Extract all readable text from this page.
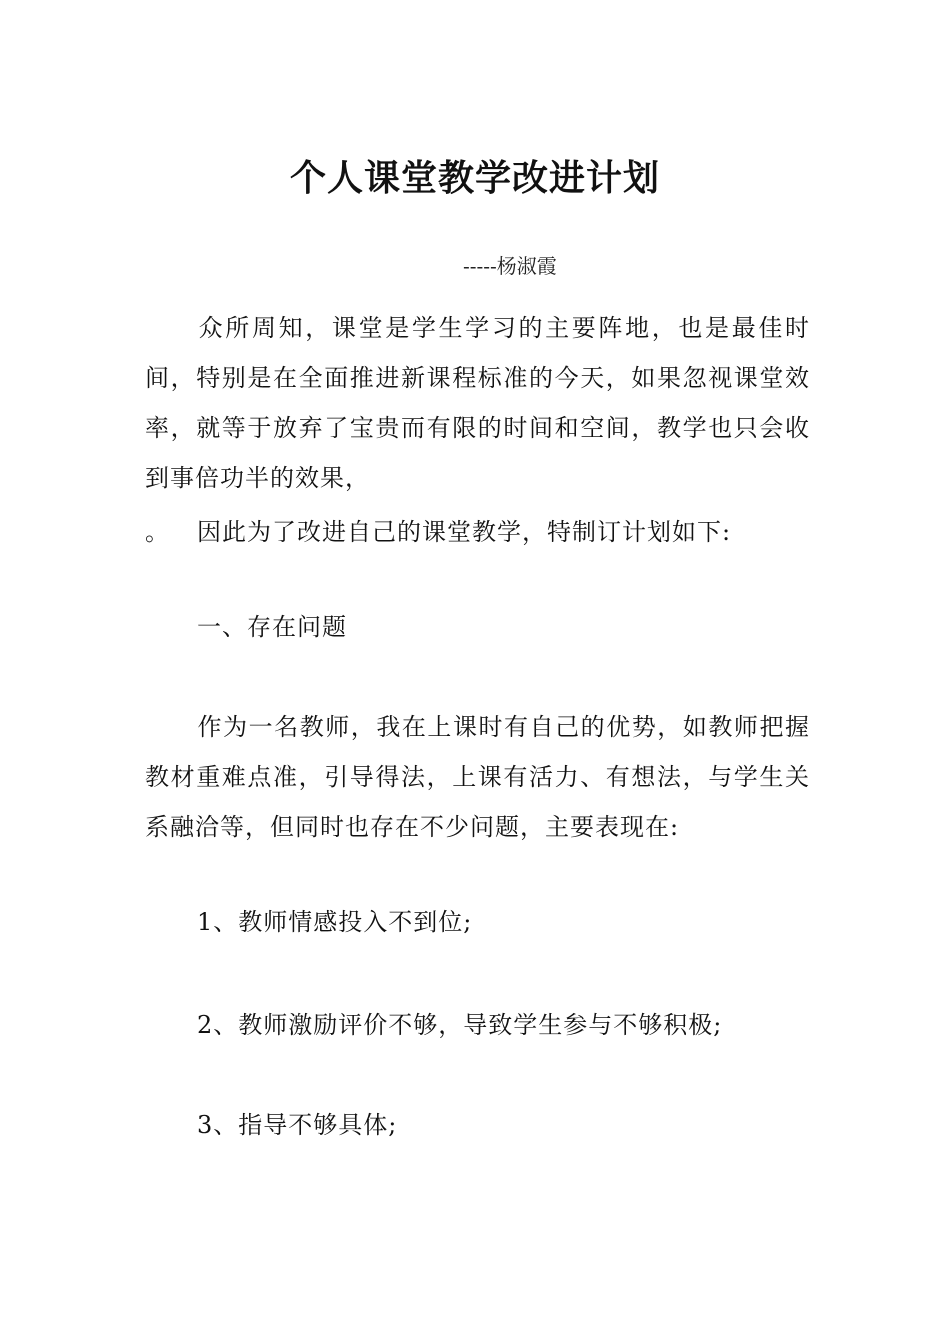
个人课堂教学改进计划
-----杨淑霞
众所周知，课堂是学生学习的主要阵地，也是最佳时间，特别是在全面推进新课程标准的今天，如果忽视课堂效率，就等于放弃了宝贵而有限的时间和空间，教学也只会收到事倍功半的效果，
。 因此为了改进自己的课堂教学，特制订计划如下:
一、存在问题
作为一名教师，我在上课时有自己的优势，如教师把握教材重难点准，引导得法，上课有活力、有想法，与学生关系融洽等，但同时也存在不少问题，主要表现在:
1、教师情感投入不到位;
2、教师激励评价不够，导致学生参与不够积极;
3、指导不够具体;
